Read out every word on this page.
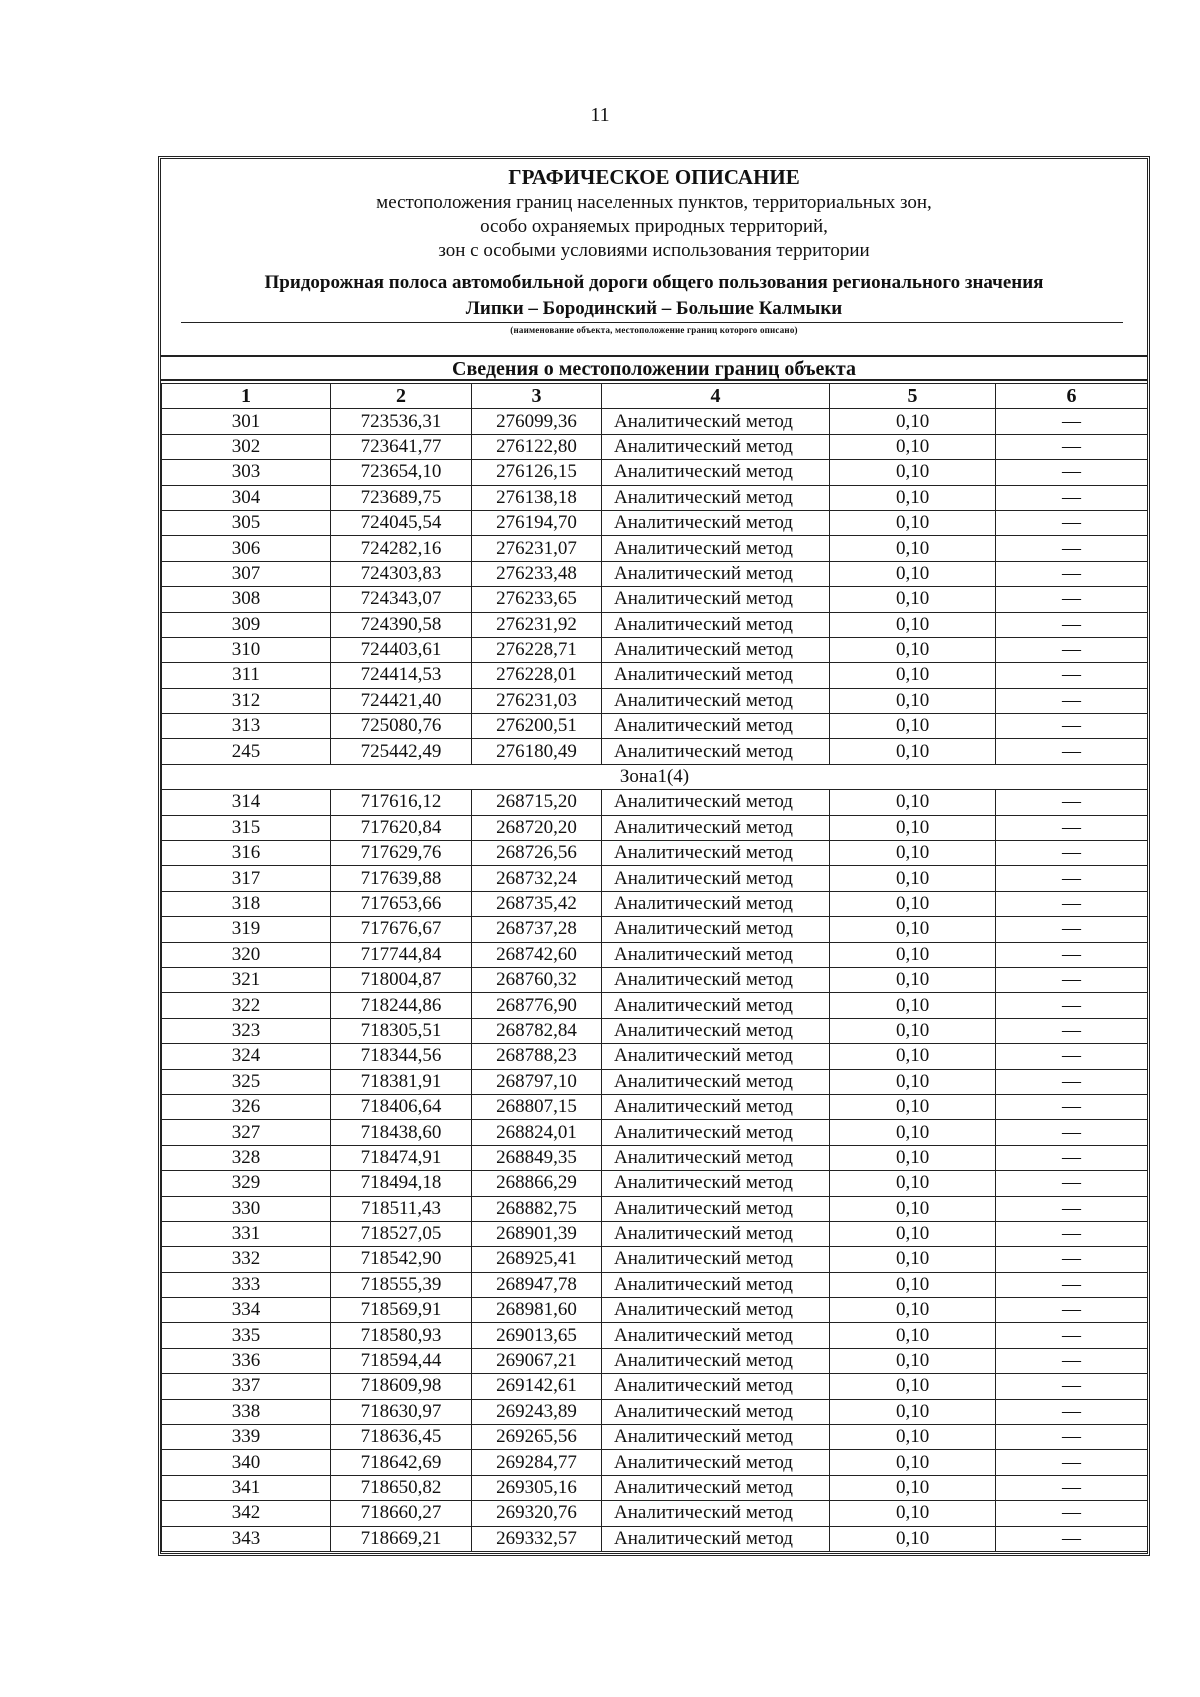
11
ГРАФИЧЕСКОЕ ОПИСАНИЕ
местоположения границ населенных пунктов, территориальных зон,
особо охраняемых природных территорий,
зон с особыми условиями использования территории
Придорожная полоса автомобильной дороги общего пользования регионального значения
Липки – Бородинский – Большие Калмыки
(наименование объекта, местоположение границ которого описано)
Сведения о местоположении границ объекта
1	2	3	4	5	6
301	723536,31	276099,36	Аналитический метод	0,10	—
302	723641,77	276122,80	Аналитический метод	0,10	—
303	723654,10	276126,15	Аналитический метод	0,10	—
304	723689,75	276138,18	Аналитический метод	0,10	—
305	724045,54	276194,70	Аналитический метод	0,10	—
306	724282,16	276231,07	Аналитический метод	0,10	—
307	724303,83	276233,48	Аналитический метод	0,10	—
308	724343,07	276233,65	Аналитический метод	0,10	—
309	724390,58	276231,92	Аналитический метод	0,10	—
310	724403,61	276228,71	Аналитический метод	0,10	—
311	724414,53	276228,01	Аналитический метод	0,10	—
312	724421,40	276231,03	Аналитический метод	0,10	—
313	725080,76	276200,51	Аналитический метод	0,10	—
245	725442,49	276180,49	Аналитический метод	0,10	—
Зона1(4)					
314	717616,12	268715,20	Аналитический метод	0,10	—
315	717620,84	268720,20	Аналитический метод	0,10	—
316	717629,76	268726,56	Аналитический метод	0,10	—
317	717639,88	268732,24	Аналитический метод	0,10	—
318	717653,66	268735,42	Аналитический метод	0,10	—
319	717676,67	268737,28	Аналитический метод	0,10	—
320	717744,84	268742,60	Аналитический метод	0,10	—
321	718004,87	268760,32	Аналитический метод	0,10	—
322	718244,86	268776,90	Аналитический метод	0,10	—
323	718305,51	268782,84	Аналитический метод	0,10	—
324	718344,56	268788,23	Аналитический метод	0,10	—
325	718381,91	268797,10	Аналитический метод	0,10	—
326	718406,64	268807,15	Аналитический метод	0,10	—
327	718438,60	268824,01	Аналитический метод	0,10	—
328	718474,91	268849,35	Аналитический метод	0,10	—
329	718494,18	268866,29	Аналитический метод	0,10	—
330	718511,43	268882,75	Аналитический метод	0,10	—
331	718527,05	268901,39	Аналитический метод	0,10	—
332	718542,90	268925,41	Аналитический метод	0,10	—
333	718555,39	268947,78	Аналитический метод	0,10	—
334	718569,91	268981,60	Аналитический метод	0,10	—
335	718580,93	269013,65	Аналитический метод	0,10	—
336	718594,44	269067,21	Аналитический метод	0,10	—
337	718609,98	269142,61	Аналитический метод	0,10	—
338	718630,97	269243,89	Аналитический метод	0,10	—
339	718636,45	269265,56	Аналитический метод	0,10	—
340	718642,69	269284,77	Аналитический метод	0,10	—
341	718650,82	269305,16	Аналитический метод	0,10	—
342	718660,27	269320,76	Аналитический метод	0,10	—
343	718669,21	269332,57	Аналитический метод	0,10	—
